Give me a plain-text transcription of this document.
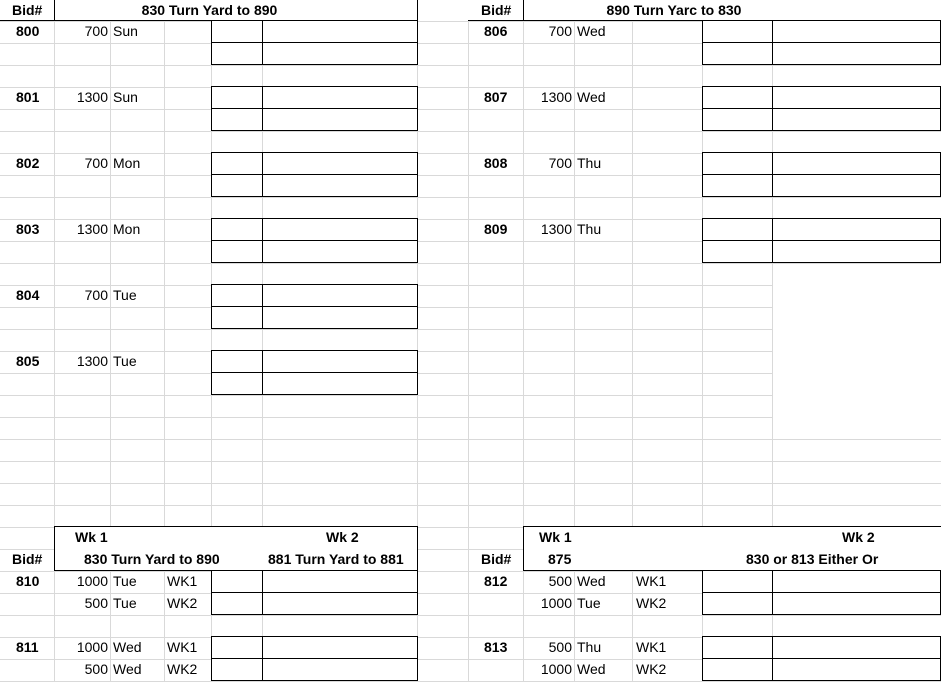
Bid#	830 Turn Yard to 890
800	700 Sun
801	1300 Sun
802	700 Mon
803	1300 Mon
804	700 Tue
805	1300 Tue
Bid#	890 Turn Yarc to 830
806	700 Wed
807	1300 Wed
808	700 Thu
809	1300 Thu
Wk 1	Wk 2
Bid#	830 Turn Yard to 890	881 Turn Yard to 881
810	1000 Tue WK1
500 Tue WK2
811	1000 Wed WK1
500 Wed WK2
Wk 1	Wk 2
Bid#	875	830 or 813 Either Or
812	500 Wed WK1
1000 Tue	WK2
813	500 Thu WK1
1000 Wed WK2
